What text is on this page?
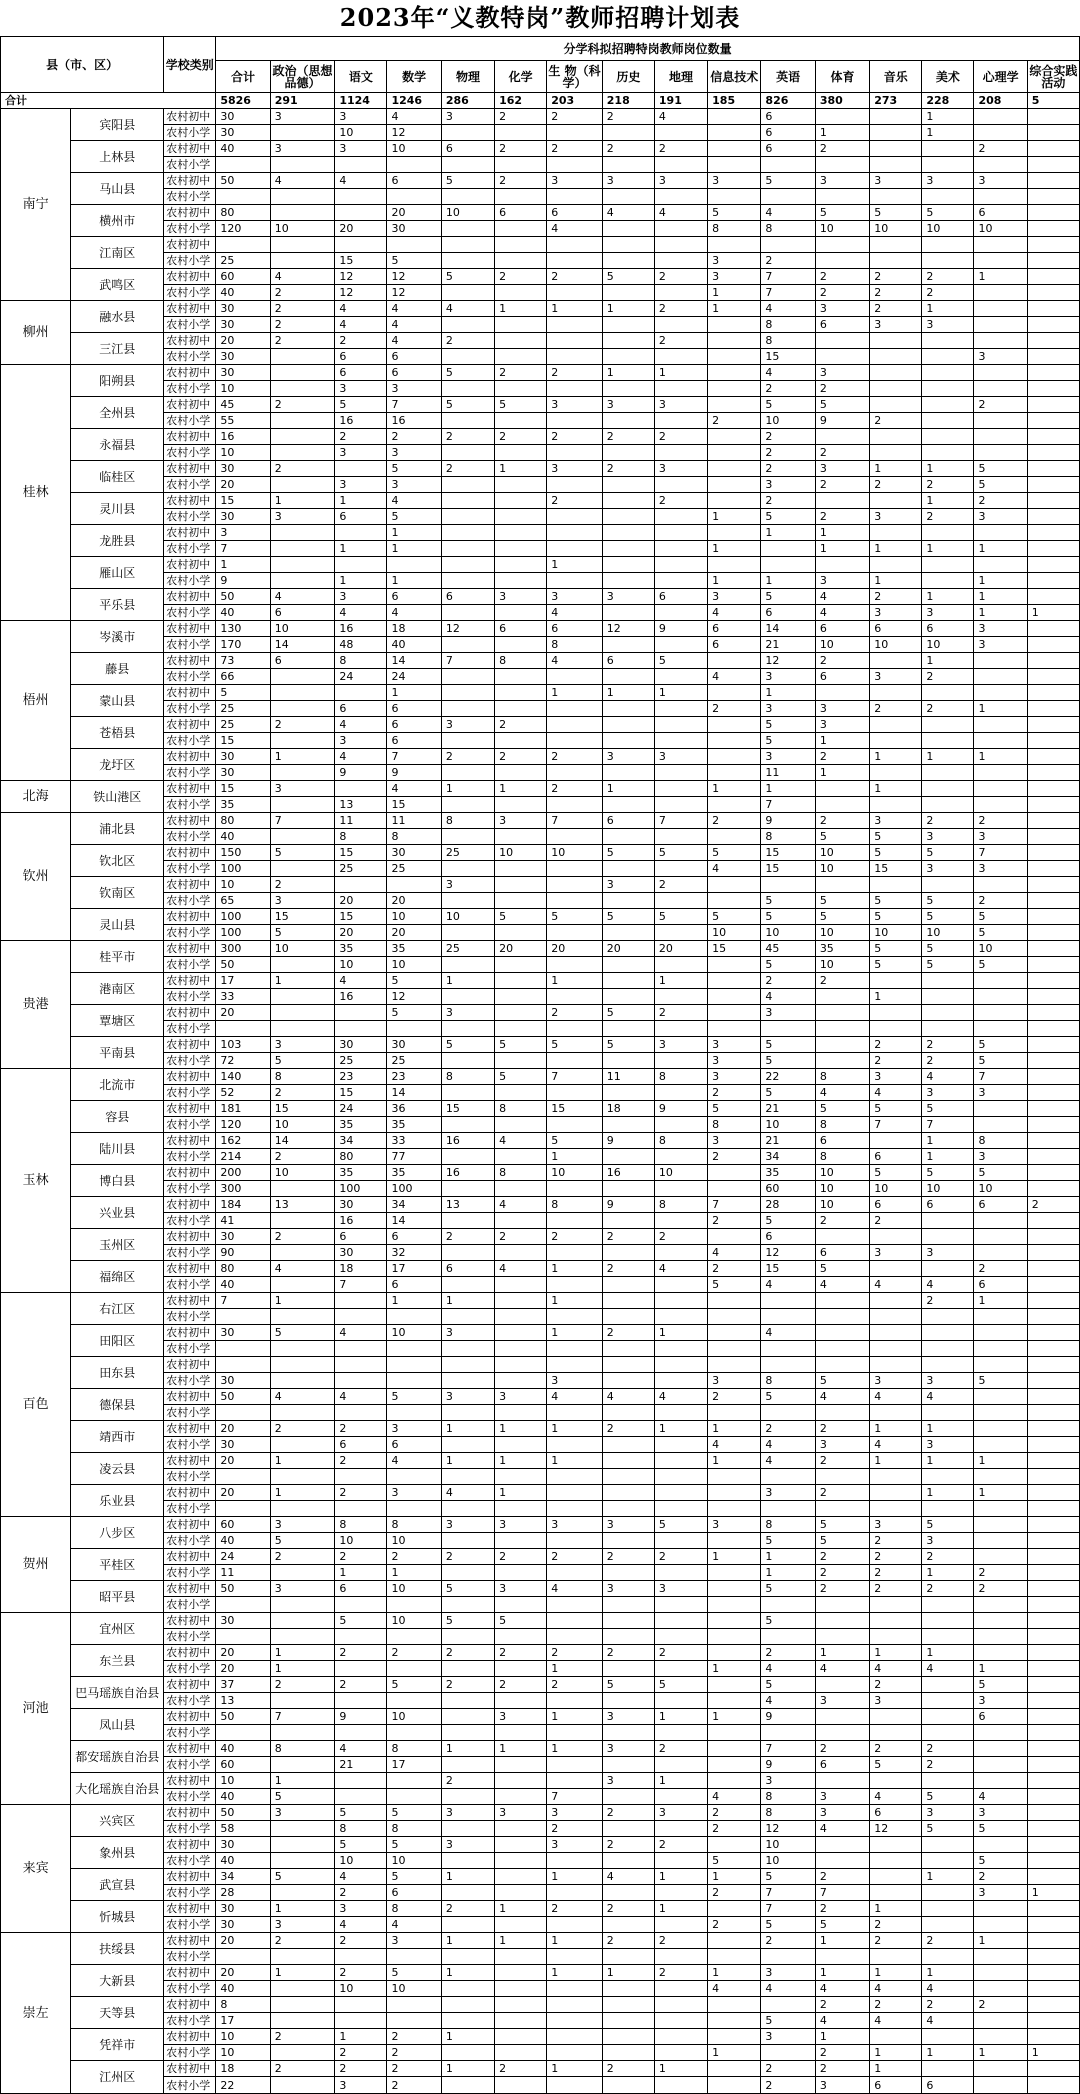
2023年“义教特岗”教师招聘计划表
县（市、区）		学校类别	分学科拟招聘特岗教师岗位数量															
			合计	政治（思想品德）	语文	数学	物理	化学	生 物（科学）	历史	地理	信息技术	英语	体育	音乐	美术	心理学	综合实践活动
合计			5826	291	1124	1246	286	162	203	218	191	185	826	380	273	228	208	5
南宁	宾阳县	农村初中	30	3	3	4	3	2	2	2	4		6			1		
		农村小学	30		10	12							6	1		1		
	上林县	农村初中	40	3	3	10	6	2	2	2	2		6	2			2	
		农村小学																
	马山县	农村初中	50	4	4	6	5	2	3	3	3	3	5	3	3	3	3	
		农村小学																
	横州市	农村初中	80			20	10	6	6	4	4	5	4	5	5	5	6	
		农村小学	120	10	20	30			4			8	8	10	10	10	10	
	江南区	农村初中																
		农村小学	25		15	5						3	2					
	武鸣区	农村初中	60	4	12	12	5	2	2	5	2	3	7	2	2	2	1	
		农村小学	40	2	12	12						1	7	2	2	2		
柳州	融水县	农村初中	30	2	4	4	4	1	1	1	2	1	4	3	2	1		
		农村小学	30	2	4	4							8	6	3	3		
	三江县	农村初中	20	2	2	4	2				2		8					
		农村小学	30		6	6							15				3	
桂林	阳朔县	农村初中	30		6	6	5	2	2	1	1		4	3				
		农村小学	10		3	3							2	2				
	全州县	农村初中	45	2	5	7	5	5	3	3	3		5	5			2	
		农村小学	55		16	16						2	10	9	2			
	永福县	农村初中	16		2	2	2	2	2	2	2		2					
		农村小学	10		3	3							2	2				
	临桂区	农村初中	30	2		5	2	1	3	2	3		2	3	1	1	5	
		农村小学	20		3	3							3	2	2	2	5	
	灵川县	农村初中	15	1	1	4			2		2		2			1	2	
		农村小学	30	3	6	5						1	5	2	3	2	3	
	龙胜县	农村初中	3			1							1	1				
		农村小学	7		1	1						1		1	1	1	1	
	雁山区	农村初中	1						1									
		农村小学	9		1	1						1	1	3	1		1	
	平乐县	农村初中	50	4	3	6	6	3	3	3	6	3	5	4	2	1	1	
		农村小学	40	6	4	4			4			4	6	4	3	3	1	1
梧州	岑溪市	农村初中	130	10	16	18	12	6	6	12	9	6	14	6	6	6	3	
		农村小学	170	14	48	40			8			6	21	10	10	10	3	
	藤县	农村初中	73	6	8	14	7	8	4	6	5		12	2		1		
		农村小学	66		24	24						4	3	6	3	2		
	蒙山县	农村初中	5			1			1	1	1		1					
		农村小学	25		6	6						2	3	3	2	2	1	
	苍梧县	农村初中	25	2	4	6	3	2					5	3				
		农村小学	15		3	6							5	1				
	龙圩区	农村初中	30	1	4	7	2	2	2	3	3		3	2	1	1	1	
		农村小学	30		9	9							11	1				
北海	铁山港区	农村初中	15	3		4	1	1	2	1		1	1		1			
		农村小学	35		13	15							7					
钦州	浦北县	农村初中	80	7	11	11	8	3	7	6	7	2	9	2	3	2	2	
		农村小学	40		8	8							8	5	5	3	3	
	钦北区	农村初中	150	5	15	30	25	10	10	5	5	5	15	10	5	5	7	
		农村小学	100		25	25						4	15	10	15	3	3	
	钦南区	农村初中	10	2			3			3	2							
		农村小学	65	3	20	20							5	5	5	5	2	
	灵山县	农村初中	100	15	15	10	10	5	5	5	5	5	5	5	5	5	5	
		农村小学	100	5	20	20						10	10	10	10	10	5	
贵港	桂平市	农村初中	300	10	35	35	25	20	20	20	20	15	45	35	5	5	10	
		农村小学	50		10	10							5	10	5	5	5	
	港南区	农村初中	17	1	4	5	1		1		1		2	2				
		农村小学	33		16	12							4		1			
	覃塘区	农村初中	20			5	3		2	5	2		3					
		农村小学																
	平南县	农村初中	103	3	30	30	5	5	5	5	3	3	5		2	2	5	
		农村小学	72	5	25	25						3	5		2	2	5	
玉林	北流市	农村初中	140	8	23	23	8	5	7	11	8	3	22	8	3	4	7	
		农村小学	52	2	15	14						2	5	4	4	3	3	
	容县	农村初中	181	15	24	36	15	8	15	18	9	5	21	5	5	5		
		农村小学	120	10	35	35						8	10	8	7	7		
	陆川县	农村初中	162	14	34	33	16	4	5	9	8	3	21	6		1	8	
		农村小学	214	2	80	77			1			2	34	8	6	1	3	
	博白县	农村初中	200	10	35	35	16	8	10	16	10		35	10	5	5	5	
		农村小学	300		100	100							60	10	10	10	10	
	兴业县	农村初中	184	13	30	34	13	4	8	9	8	7	28	10	6	6	6	2
		农村小学	41		16	14						2	5	2	2			
	玉州区	农村初中	30	2	6	6	2	2	2	2	2		6					
		农村小学	90		30	32						4	12	6	3	3		
	福绵区	农村初中	80	4	18	17	6	4	1	2	4	2	15	5			2	
		农村小学	40		7	6						5	4	4	4	4	6	
百色	右江区	农村初中	7	1		1	1		1							2	1	
		农村小学																
	田阳区	农村初中	30	5	4	10	3		1	2	1		4					
		农村小学																
	田东县	农村初中																
		农村小学	30						3			3	8	5	3	3	5	
	德保县	农村初中	50	4	4	5	3	3	4	4	4	2	5	4	4	4		
		农村小学																
	靖西市	农村初中	20	2	2	3	1	1	1	2	1	1	2	2	1	1		
		农村小学	30		6	6						4	4	3	4	3		
	凌云县	农村初中	20	1	2	4	1	1	1			1	4	2	1	1	1	
		农村小学																
	乐业县	农村初中	20	1	2	3	4	1					3	2		1	1	
		农村小学																
贺州	八步区	农村初中	60	3	8	8	3	3	3	3	5	3	8	5	3	5		
		农村小学	40	5	10	10							5	5	2	3		
	平桂区	农村初中	24	2	2	2	2	2	2	2	2	1	1	2	2	2		
		农村小学	11		1	1							1	2	2	1	2	
	昭平县	农村初中	50	3	6	10	5	3	4	3	3		5	2	2	2	2	
		农村小学																
河池	宜州区	农村初中	30		5	10	5	5					5					
		农村小学																
	东兰县	农村初中	20	1	2	2	2	2	2	2	2		2	1	1	1		
		农村小学	20	1					1			1	4	4	4	4	1	
	巴马瑶族自治县	农村初中	37	2	2	5	2	2	2	5	5		5		2		5	
		农村小学	13										4	3	3		3	
	凤山县	农村初中	50	7	9	10		3	1	3	1	1	9				6	
		农村小学																
	都安瑶族自治县	农村初中	40	8	4	8	1	1	1	3	2		7	2	2	2		
		农村小学	60		21	17							9	6	5	2		
	大化瑶族自治县	农村初中	10	1			2			3	1		3					
		农村小学	40	5					7			4	8	3	4	5	4	
来宾	兴宾区	农村初中	50	3	5	5	3	3	3	2	3	2	8	3	6	3	3	
		农村小学	58		8	8			2			2	12	4	12	5	5	
	象州县	农村初中	30		5	5	3		3	2	2		10					
		农村小学	40		10	10						5	10				5	
	武宣县	农村初中	34	5	4	5	1		1	4	1	1	5	2		1	2	
		农村小学	28		2	6						2	7	7			3	1
	忻城县	农村初中	30	1	3	8	2	1	2	2	1		7	2	1			
		农村小学	30	3	4	4						2	5	5	2			
崇左	扶绥县	农村初中	20	2	2	3	1	1	1	2	2		2	1	2	2	1	
		农村小学																
	大新县	农村初中	20	1	2	5	1		1	1	2	1	3	1	1	1		
		农村小学	40		10	10						4	4	4	4	4		
	天等县	农村初中	8											2	2	2	2	
		农村小学	17										5	4	4	4		
	凭祥市	农村初中	10	2	1	2	1						3	1				
		农村小学	10		2	2						1		2	1	1	1	1
	江州区	农村初中	18	2	2	2	1	2	1	2	1		2	2	1			
		农村小学	22		3	2							2	3	6	6		
